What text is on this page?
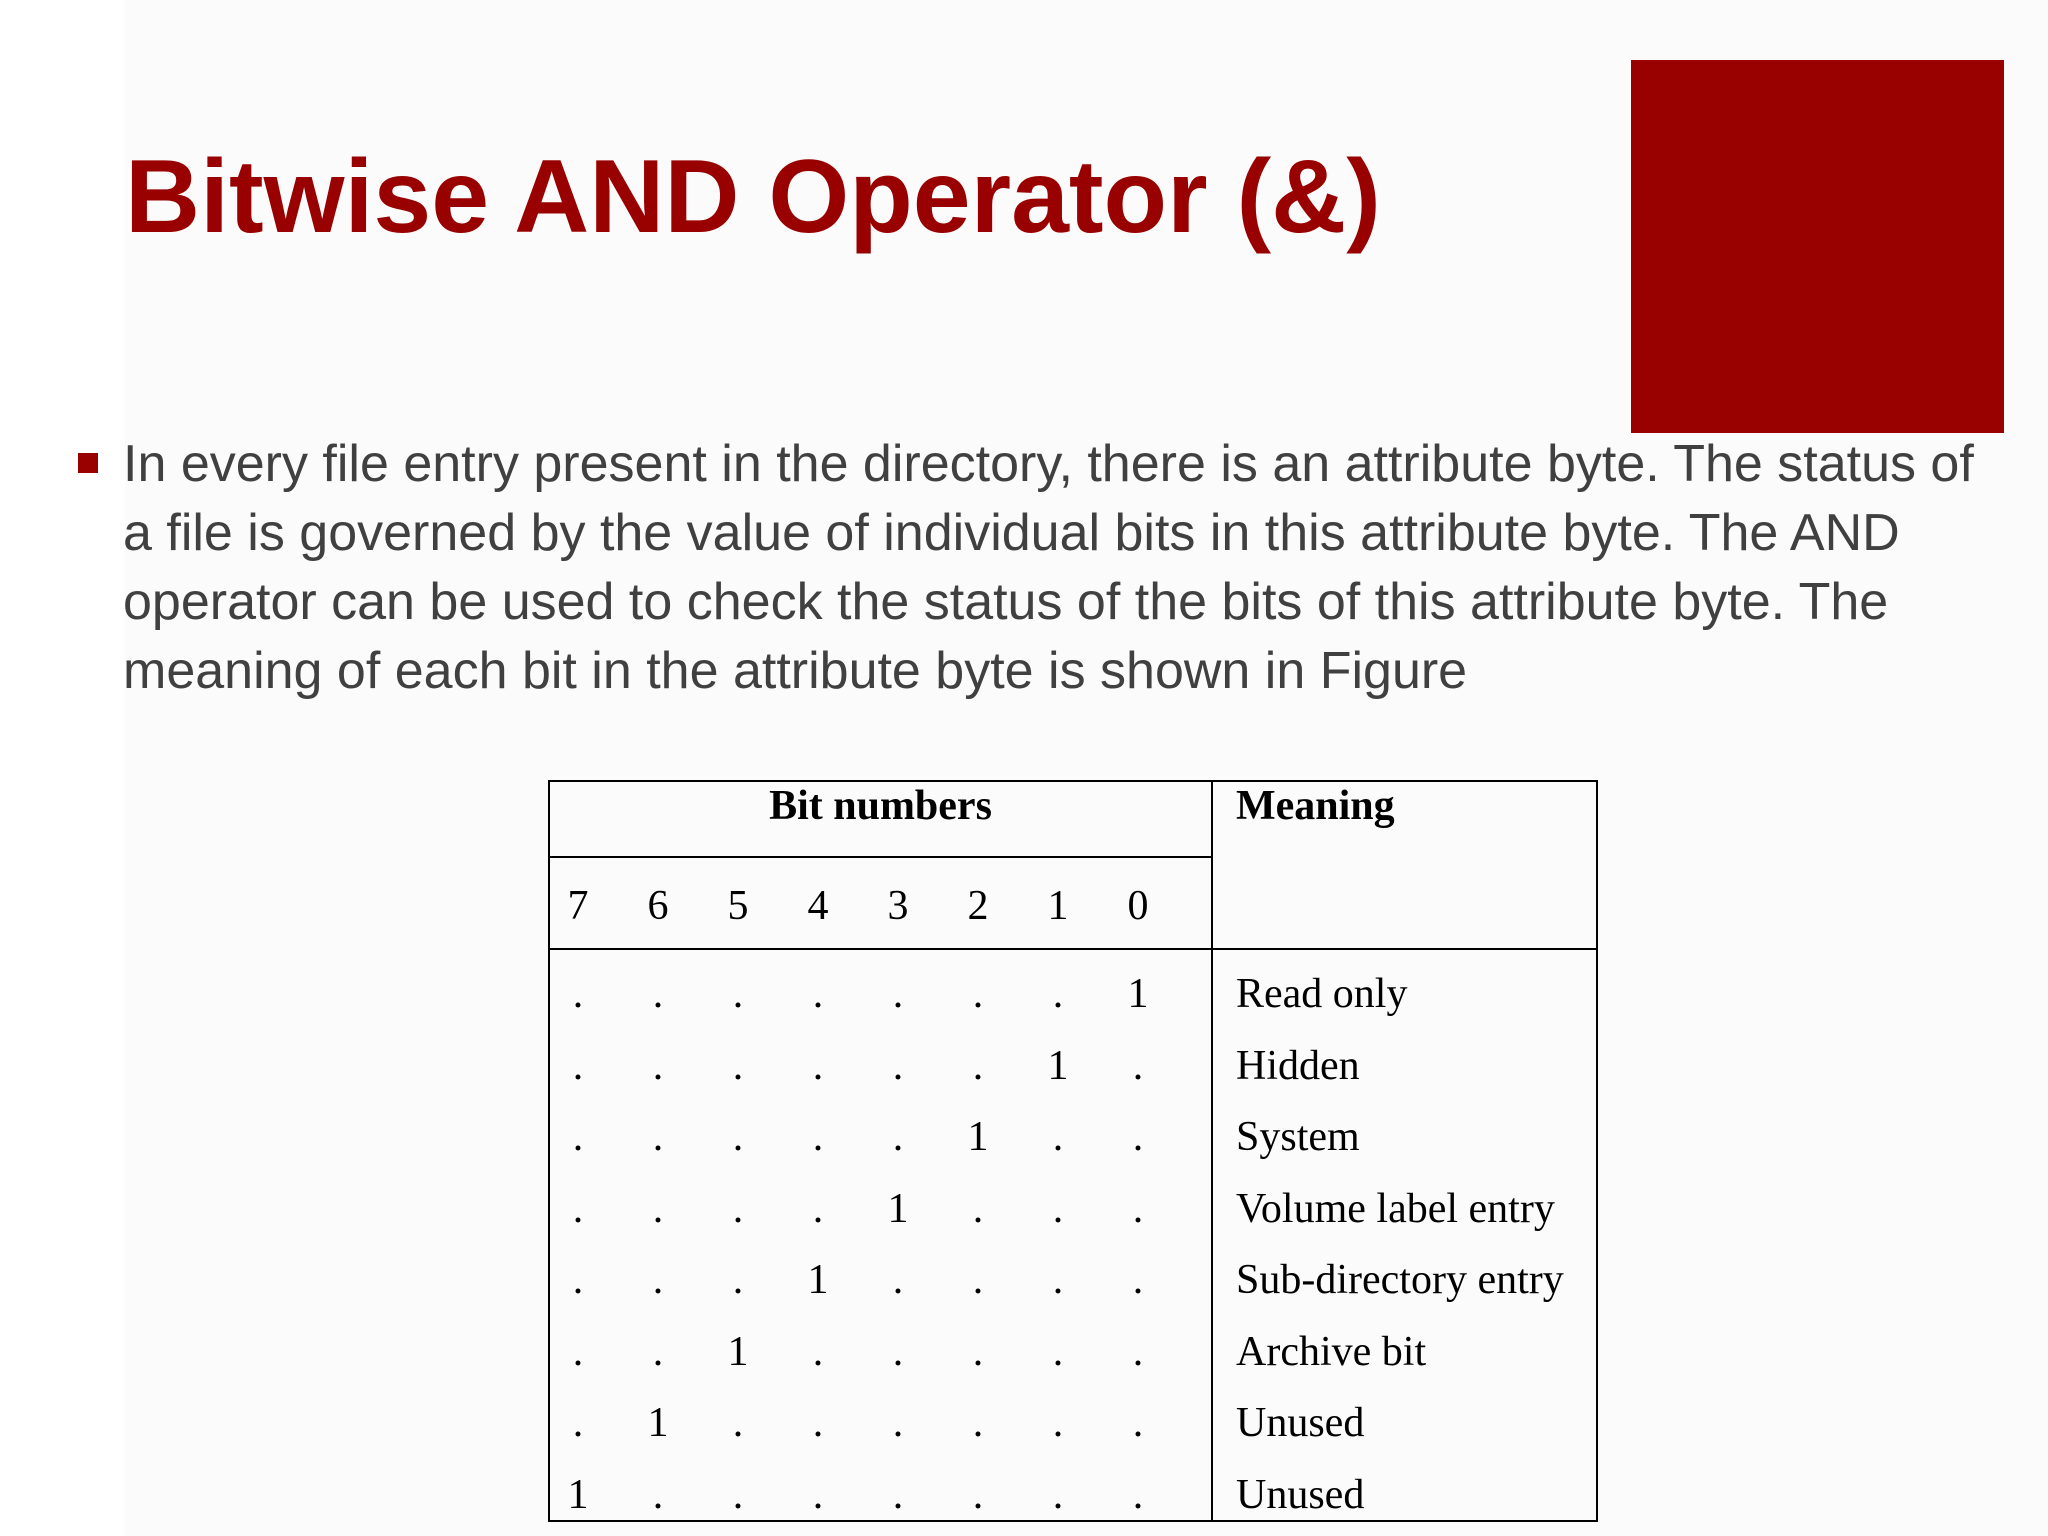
Bitwise AND Operator (&)
In every file entry present in the directory, there is an attribute byte. The status of a file is governed by the value of individual bits in this attribute byte. The AND operator can be used to check the status of the bits of this attribute byte. The meaning of each bit in the attribute byte is shown in Figure
Bit numbers	Meaning
7 6 5 4 3 2 1 0
.	.	.	.	.	.	.	1 Read only
.	.	.	.	.	.	1	.	Hidden
.	.	.	.	.	1	.	.	System
.	.	.	.	1	.	.	.	Volume label entry
.	.	.	1	.	.	.	.	Sub-directory entry
.	.	1	.	.	.	.	.	Archive bit
.	1	.	.	.	.	.	.	Unused
1	.	.	.	.	.	.	.	Unused
